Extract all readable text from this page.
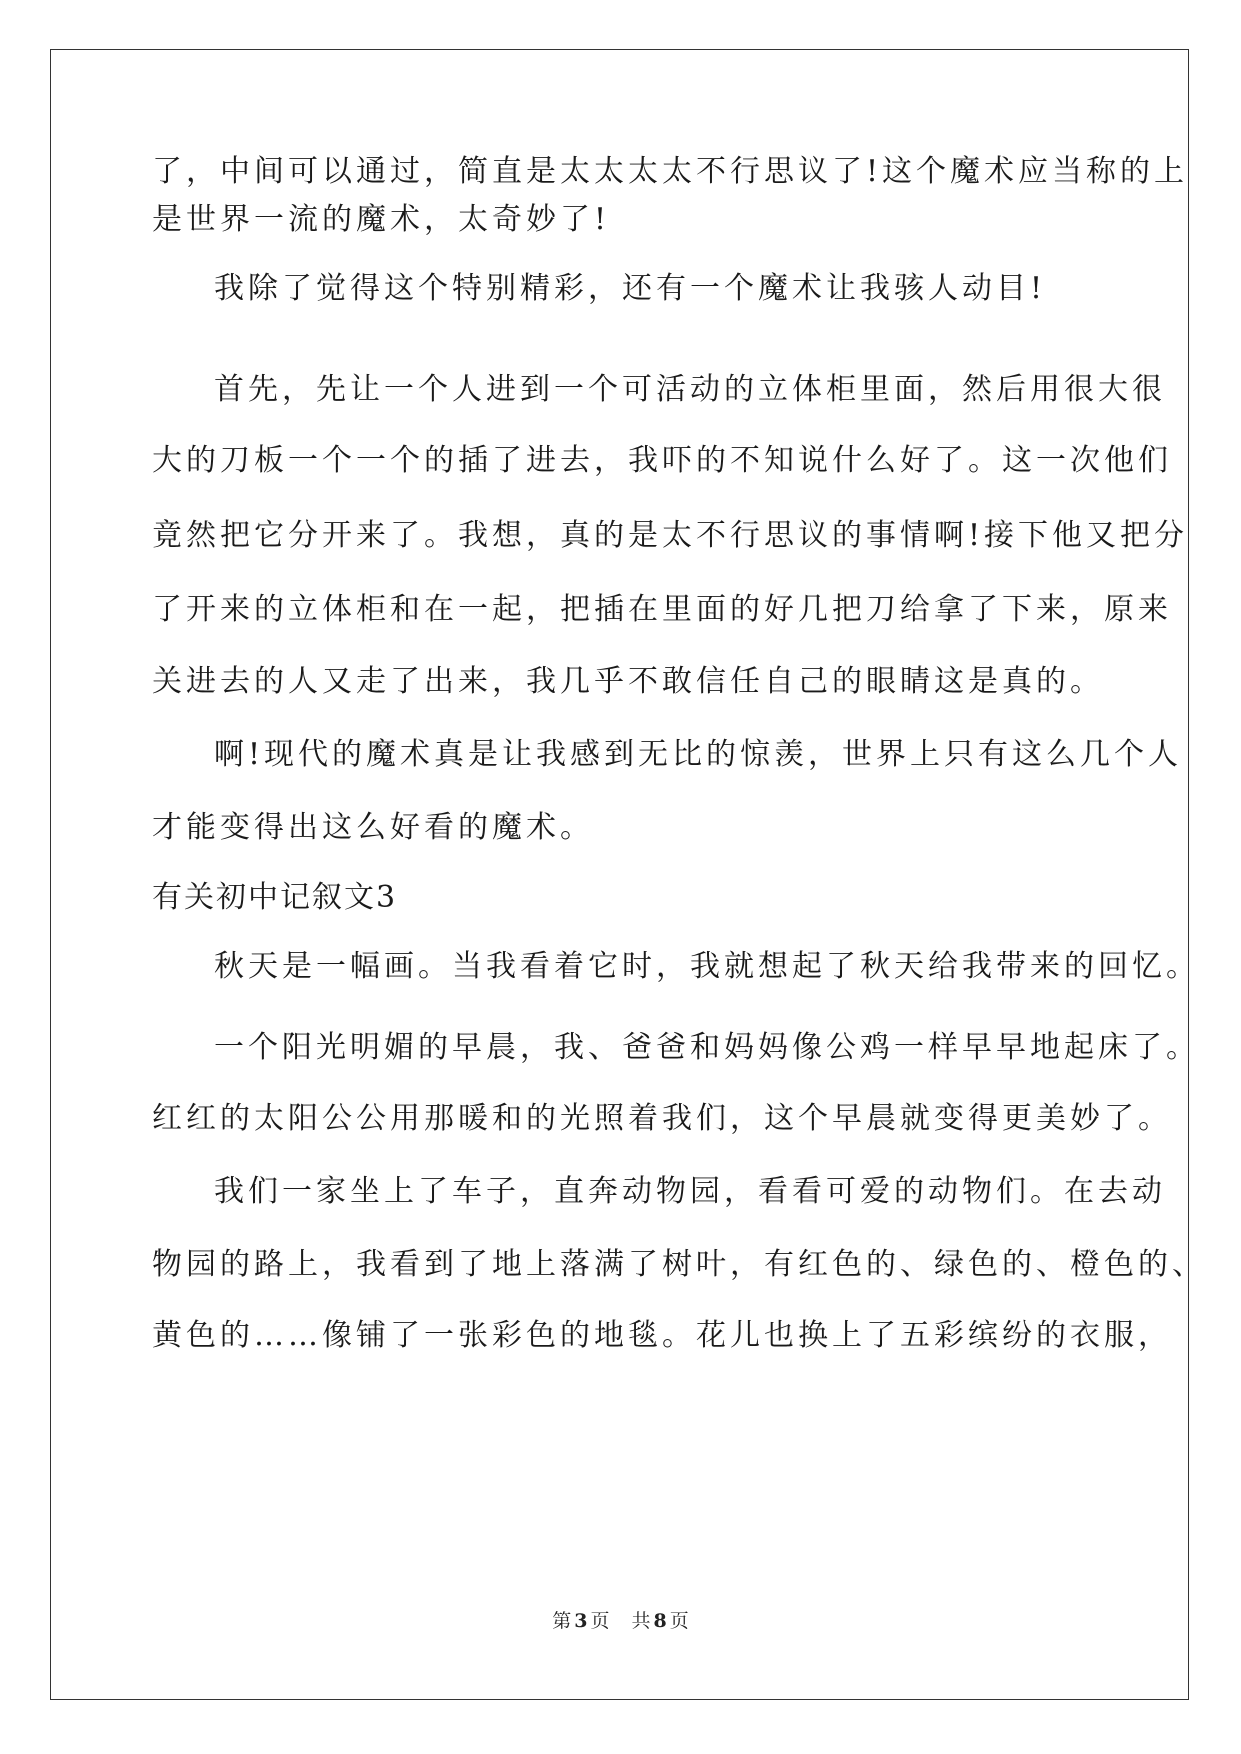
了，中间可以通过，简直是太太太太不行思议了!这个魔术应当称的上

是世界一流的魔术，太奇妙了!

我除了觉得这个特别精彩，还有一个魔术让我骇人动目!

首先，先让一个人进到一个可活动的立体柜里面，然后用很大很

大的刀板一个一个的插了进去，我吓的不知说什么好了。这一次他们

竟然把它分开来了。我想，真的是太不行思议的事情啊!接下他又把分

了开来的立体柜和在一起，把插在里面的好几把刀给拿了下来，原来

关进去的人又走了出来，我几乎不敢信任自己的眼睛这是真的。

啊!现代的魔术真是让我感到无比的惊羡，世界上只有这么几个人

才能变得出这么好看的魔术。

有关初中记叙文3

秋天是一幅画。当我看着它时，我就想起了秋天给我带来的回忆。

一个阳光明媚的早晨，我、爸爸和妈妈像公鸡一样早早地起床了。

红红的太阳公公用那暖和的光照着我们，这个早晨就变得更美妙了。

我们一家坐上了车子，直奔动物园，看看可爱的动物们。在去动

物园的路上，我看到了地上落满了树叶，有红色的、绿色的、橙色的、

黄色的……像铺了一张彩色的地毯。花儿也换上了五彩缤纷的衣服，

第 3 页 共 8 页
